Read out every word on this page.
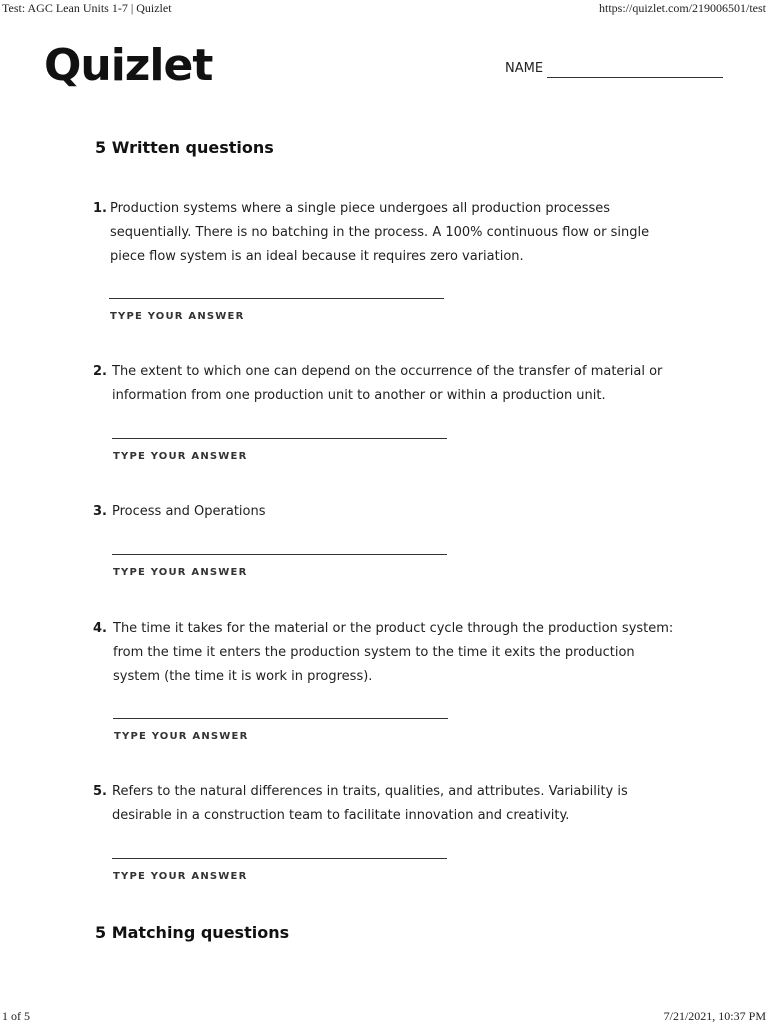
Test: AGC Lean Units 1-7 | Quizlet	https://quizlet.com/219006501/test
Quizlet	NAME
5 Written questions
1. Production systems where a single piece undergoes all production processes sequentially. There is no batching in the process. A 100% continuous flow or single piece flow system is an ideal because it requires zero variation.
TYPE YOUR ANSWER
2. The extent to which one can depend on the occurrence of the transfer of material or information from one production unit to another or within a production unit.
TYPE YOUR ANSWER
3. Process and Operations
TYPE YOUR ANSWER
4. The time it takes for the material or the product cycle through the production system: from the time it enters the production system to the time it exits the production system (the time it is work in progress).
TYPE YOUR ANSWER
5. Refers to the natural differences in traits, qualities, and attributes. Variability is desirable in a construction team to facilitate innovation and creativity.
TYPE YOUR ANSWER
5 Matching questions
1 of 5	7/21/2021, 10:37 PM
